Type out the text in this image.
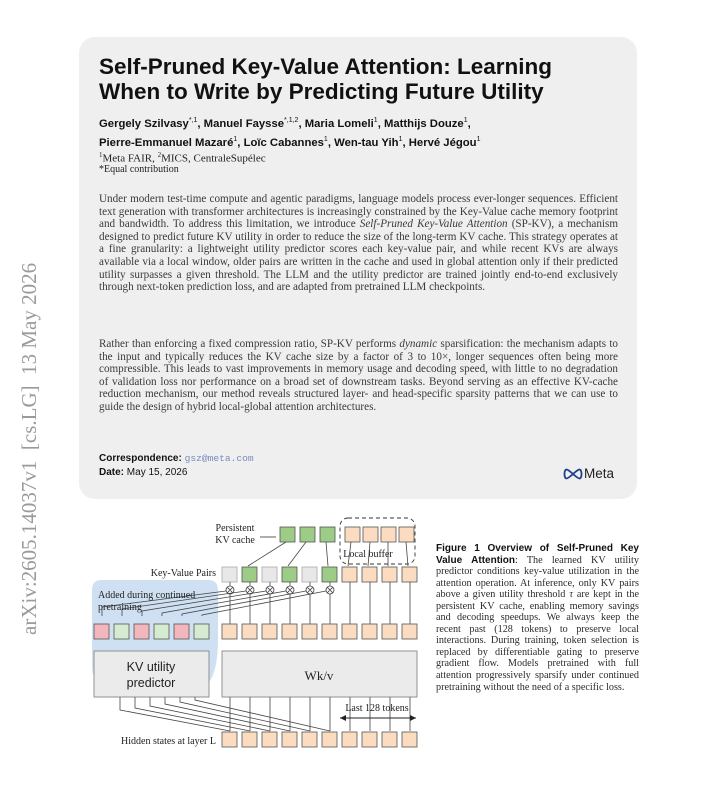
arXiv:2605.14037v1  [cs.LG]  13 May 2026
Self-Pruned Key-Value Attention: Learning When to Write by Predicting Future Utility
Gergely Szilvasy$^{*,1}$, Manuel Faysse$^{*,1,2}$, Maria Lomeli$^1$, Matthijs Douze$^1$,
Pierre-Emmanuel Mazaré$^1$, Loïc Cabannes$^1$, Wen-tau Yih$^1$, Hervé Jégou$^1$
$^1$Meta FAIR, $^2$MICS, CentraleSupélec
*Equal contribution

Under modern test-time compute and agentic paradigms, language models process ever-longer sequences. Efficient text generation with transformer architectures is increasingly constrained by the Key-Value cache memory footprint and bandwidth. To address this limitation, we introduce Self-Pruned Key-Value Attention (SP-KV), a mechanism designed to predict future KV utility in order to reduce the size of the long-term KV cache. This strategy operates at a fine granularity: a lightweight utility predictor scores each key-value pair, and while recent KVs are always available via a local window, older pairs are written in the cache and used in global attention only if their predicted utility surpasses a given threshold. The LLM and the utility predictor are trained jointly end-to-end exclusively through next-token prediction loss, and are adapted from pretrained LLM checkpoints.

Rather than enforcing a fixed compression ratio, SP-KV performs dynamic sparsification: the mechanism adapts to the input and typically reduces the KV cache size by a factor of 3 to 10×, longer sequences often being more compressible. This leads to vast improvements in memory usage and decoding speed, with little to no degradation of validation loss nor performance on a broad set of downstream tasks. Beyond serving as an effective KV-cache reduction mechanism, our method reveals structured layer- and head-specific sparsity patterns that we can use to guide the design of hybrid local-global attention architectures.

Correspondence: gsz@meta.com
Date: May 15, 2026	Meta
Persistent
KV cache
Local buffer
Key-Value Pairs
Added during continued
pretraining
KV utility
predictor	Wk/v
Last 128 tokens
Hidden states at layer L

Figure 1 Overview of Self-Pruned Key Value Attention: The learned KV utility predictor conditions key-value utilization in the attention operation. At inference, only KV pairs above a given utility threshold τ are kept in the persistent KV cache, enabling memory savings and decoding speedups. We always keep the recent past (128 tokens) to preserve local interactions. During training, token selection is replaced by differentiable gating to preserve gradient flow. Models pretrained with full attention progressively sparsify under continued pretraining without the need of a specific loss.
